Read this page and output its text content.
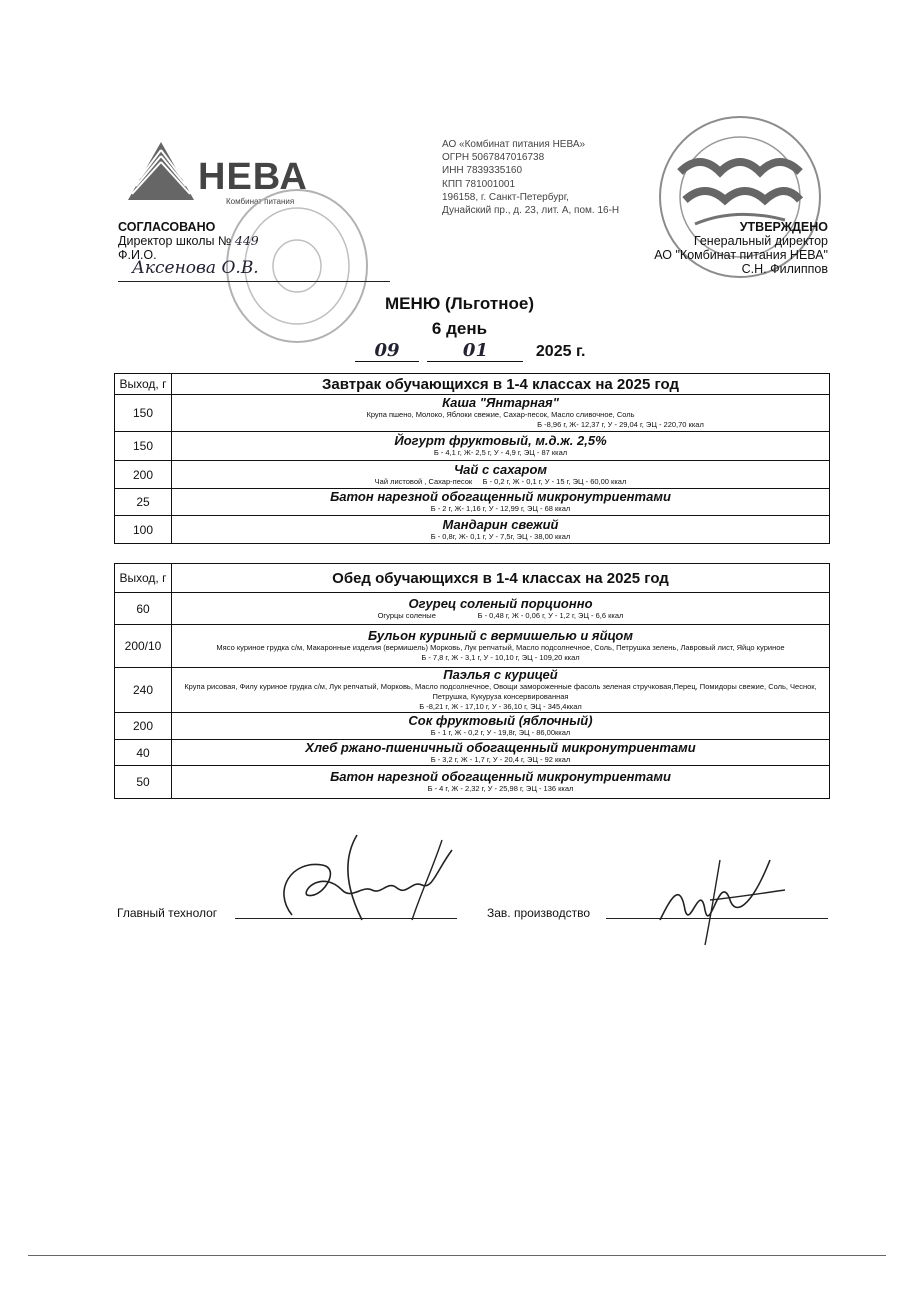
НЕВА
Комбинат питания
АО «Комбинат питания НЕВА»
ОГРН 5067847016738
ИНН 7839335160
КПП 781001001
196158, г. Санкт-Петербург,
Дунайский пр., д. 23, лит. А, пом. 16-Н
СОГЛАСОВАНО
Директор школы № 449
Ф.И.О.
Аксенова О.В.
УТВЕРЖДЕНО
Генеральный директор
АО "Комбинат питания НЕВА"
С.Н. Филиппов
МЕНЮ (Льготное)
6 день
09	01	2025 г.
Выход, г	Завтрак обучающихся в 1-4 классах на 2025 год
150	Каша "Янтарная"
Крупа пшено, Молоко, Яблоки свежие, Сахар-песок, Масло сливочное, Соль
Б -8,96 г, Ж- 12,37 г, У - 29,04 г, ЭЦ - 220,70 ккал

150	Йогурт фруктовый, м.д.ж. 2,5%
Б - 4,1 г, Ж- 2,5 г, У - 4,9 г, ЭЦ - 87 ккал

200	Чай с сахаром
Чай листовой , Сахар-песок Б - 0,2 г, Ж - 0,1 г, У - 15 г, ЭЦ - 60,00 ккал

25	Батон нарезной обогащенный микронутриентами
Б - 2 г, Ж- 1,16 г, У - 12,99 г, ЭЦ - 68 ккал

100	Мандарин свежий
Б - 0,8г, Ж- 0,1 г, У - 7,5г, ЭЦ - 38,00 ккал
Выход, г	Обед обучающихся в 1-4 классах на 2025 год
60	Огурец соленый порционно
Огурцы соленые Б - 0,48 г, Ж - 0,06 г, У - 1,2 г, ЭЦ - 6,6 ккал

200/10	Бульон куриный с вермишелью и яйцом
Мясо куриное грудка с/м, Макаронные изделия (вермишель) Морковь, Лук репчатый, Масло подсолнечное, Соль, Петрушка зелень, Лавровый лист, Яйцо куриное
Б - 7,8 г, Ж - 3,1 г, У - 10,10 г, ЭЦ - 109,20 ккал

240	Паэлья с курицей
Крупа рисовая, Филу куриное грудка с/м, Лук репчатый, Морковь, Масло подсолнечное, Овощи замороженные фасоль зеленая стручковая,Перец, Помидоры свежие, Соль, Чеснок, Петрушка, Кукуруза консервированная
Б -8,21 г, Ж - 17,10 г, У - 36,10 г, ЭЦ - 345,4ккал

200	Сок фруктовый (яблочный)
Б - 1 г, Ж - 0,2 г, У - 19,8г, ЭЦ - 86,00ккал

40	Хлеб ржано-пшеничный обогащенный микронутриентами
Б - 3,2 г, Ж - 1,7 г, У - 20,4 г, ЭЦ - 92 ккал

50	Батон нарезной обогащенный микронутриентами
Б - 4 г, Ж - 2,32 г, У - 25,98 г, ЭЦ - 136 ккал
Главный технолог	Зав. производство
